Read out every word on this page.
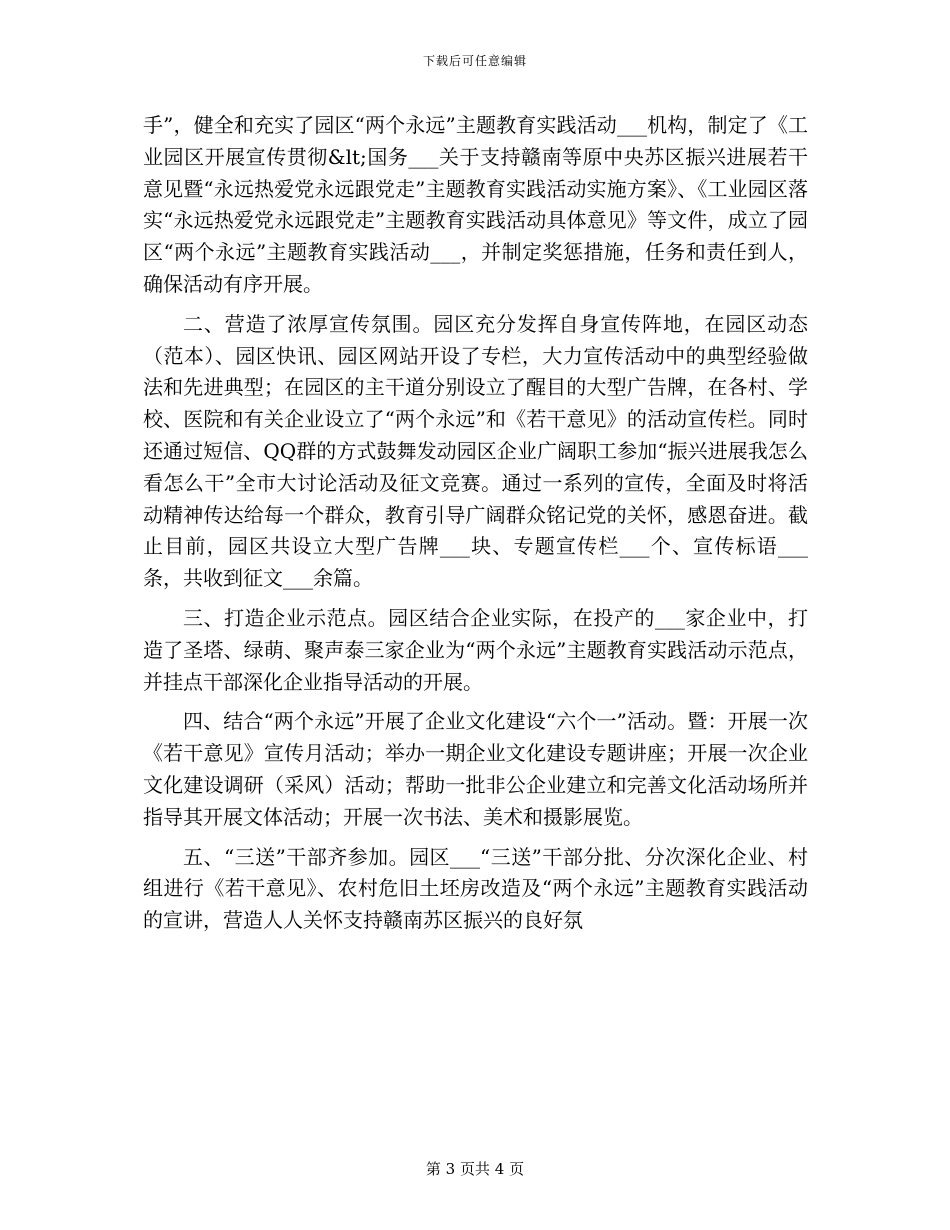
下载后可任意编辑

手”，健全和充实了园区“两个永远”主题教育实践活动___机构，制定了《工业园区开展宣传贯彻&lt;国务___关于支持赣南等原中央苏区振兴进展若干意见暨“永远热爱党永远跟党走”主题教育实践活动实施方案》、《工业园区落实“永远热爱党永远跟党走”主题教育实践活动具体意见》等文件，成立了园区“两个永远”主题教育实践活动___，并制定奖惩措施，任务和责任到人，确保活动有序开展。

二、营造了浓厚宣传氛围。园区充分发挥自身宣传阵地，在园区动态（范本）、园区快讯、园区网站开设了专栏，大力宣传活动中的典型经验做法和先进典型；在园区的主干道分别设立了醒目的大型广告牌，在各村、学校、医院和有关企业设立了“两个永远”和《若干意见》的活动宣传栏。同时还通过短信、QQ群的方式鼓舞发动园区企业广阔职工参加“振兴进展我怎么看怎么干”全市大讨论活动及征文竞赛。通过一系列的宣传，全面及时将活动精神传达给每一个群众，教育引导广阔群众铭记党的关怀，感恩奋进。截止目前，园区共设立大型广告牌___块、专题宣传栏___个、宣传标语___条，共收到征文___余篇。

三、打造企业示范点。园区结合企业实际，在投产的___家企业中，打造了圣塔、绿萌、聚声泰三家企业为“两个永远”主题教育实践活动示范点，并挂点干部深化企业指导活动的开展。

四、结合“两个永远”开展了企业文化建设“六个一”活动。暨：开展一次《若干意见》宣传月活动；举办一期企业文化建设专题讲座；开展一次企业文化建设调研（采风）活动；帮助一批非公企业建立和完善文化活动场所并指导其开展文体活动；开展一次书法、美术和摄影展览。

五、“三送”干部齐参加。园区___“三送”干部分批、分次深化企业、村组进行《若干意见》、农村危旧土坯房改造及“两个永远”主题教育实践活动的宣讲，营造人人关怀支持赣南苏区振兴的良好氛

第 3 页共 4 页
